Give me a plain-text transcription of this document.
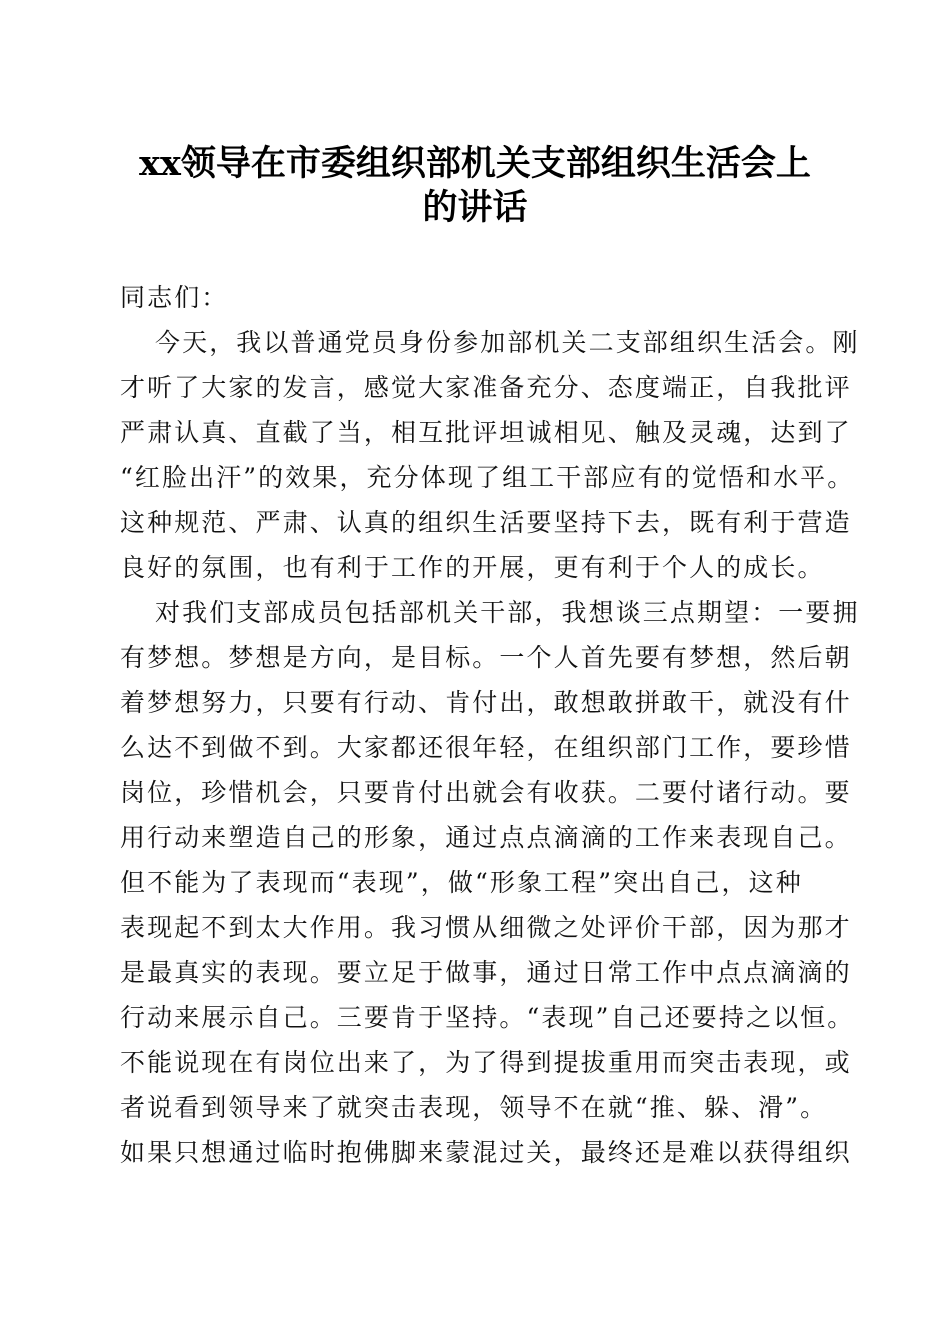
xx领导在市委组织部机关支部组织生活会上
的讲话
同志们：
今天，我以普通党员身份参加部机关二支部组织生活会。刚
才听了大家的发言，感觉大家准备充分、态度端正，自我批评
严肃认真、直截了当，相互批评坦诚相见、触及灵魂，达到了
“红脸出汗”的效果，充分体现了组工干部应有的觉悟和水平。
这种规范、严肃、认真的组织生活要坚持下去，既有利于营造
良好的氛围，也有利于工作的开展，更有利于个人的成长。
对我们支部成员包括部机关干部，我想谈三点期望：一要拥
有梦想。梦想是方向，是目标。一个人首先要有梦想，然后朝
着梦想努力，只要有行动、肯付出，敢想敢拼敢干，就没有什
么达不到做不到。大家都还很年轻，在组织部门工作，要珍惜
岗位，珍惜机会，只要肯付出就会有收获。二要付诸行动。要
用行动来塑造自己的形象，通过点点滴滴的工作来表现自己。
但不能为了表现而“表现”，做“形象工程”突出自己，这种
表现起不到太大作用。我习惯从细微之处评价干部，因为那才
是最真实的表现。要立足于做事，通过日常工作中点点滴滴的
行动来展示自己。三要肯于坚持。“表现”自己还要持之以恒。
不能说现在有岗位出来了，为了得到提拔重用而突击表现，或
者说看到领导来了就突击表现，领导不在就“推、躲、滑”。
如果只想通过临时抱佛脚来蒙混过关，最终还是难以获得组织
